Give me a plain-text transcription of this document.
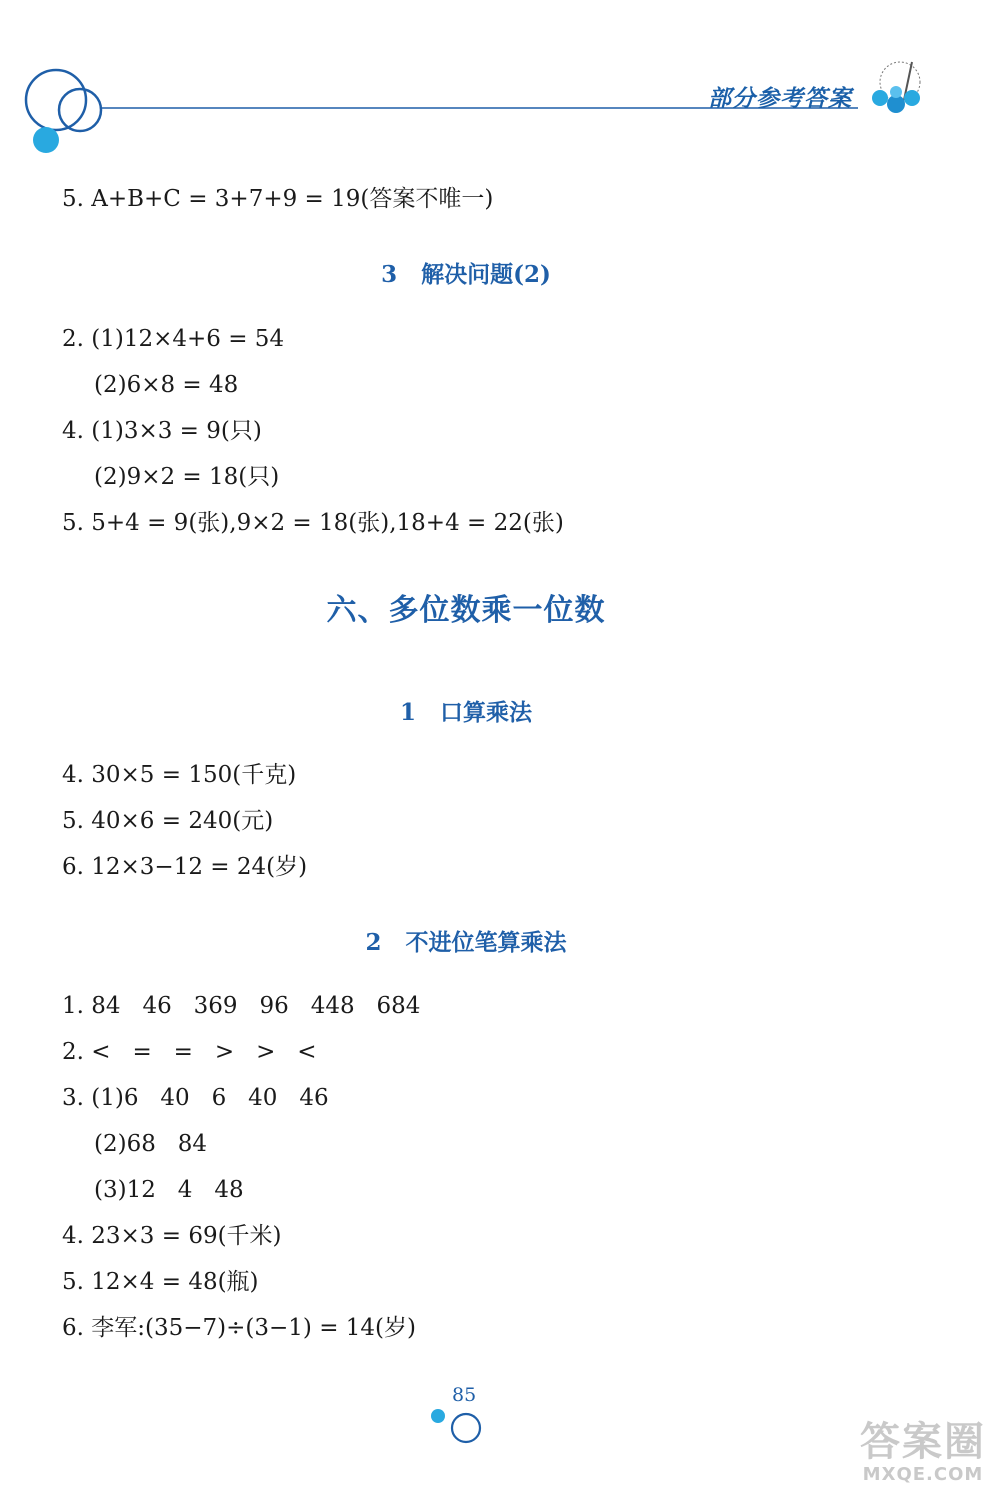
部分参考答案
5. A+B+C = 3+7+9 = 19(答案不唯一)
3 解决问题(2)
2. (1)12×4+6 = 54
(2)6×8 = 48
4. (1)3×3 = 9(只)
(2)9×2 = 18(只)
5. 5+4 = 9(张),9×2 = 18(张),18+4 = 22(张)
六、多位数乘一位数
1 口算乘法
4. 30×5 = 150(千克)
5. 40×6 = 240(元)
6. 12×3−12 = 24(岁)
2 不进位笔算乘法
1. 84   46   369   96   448   684
2. <   =   =   >   >   <
3. (1)6   40   6   40   46
(2)68   84
(3)12   4   48
4. 23×3 = 69(千米)
5. 12×4 = 48(瓶)
6. 李军:(35−7)÷(3−1) = 14(岁)
85
答案圈
MXQE.COM
